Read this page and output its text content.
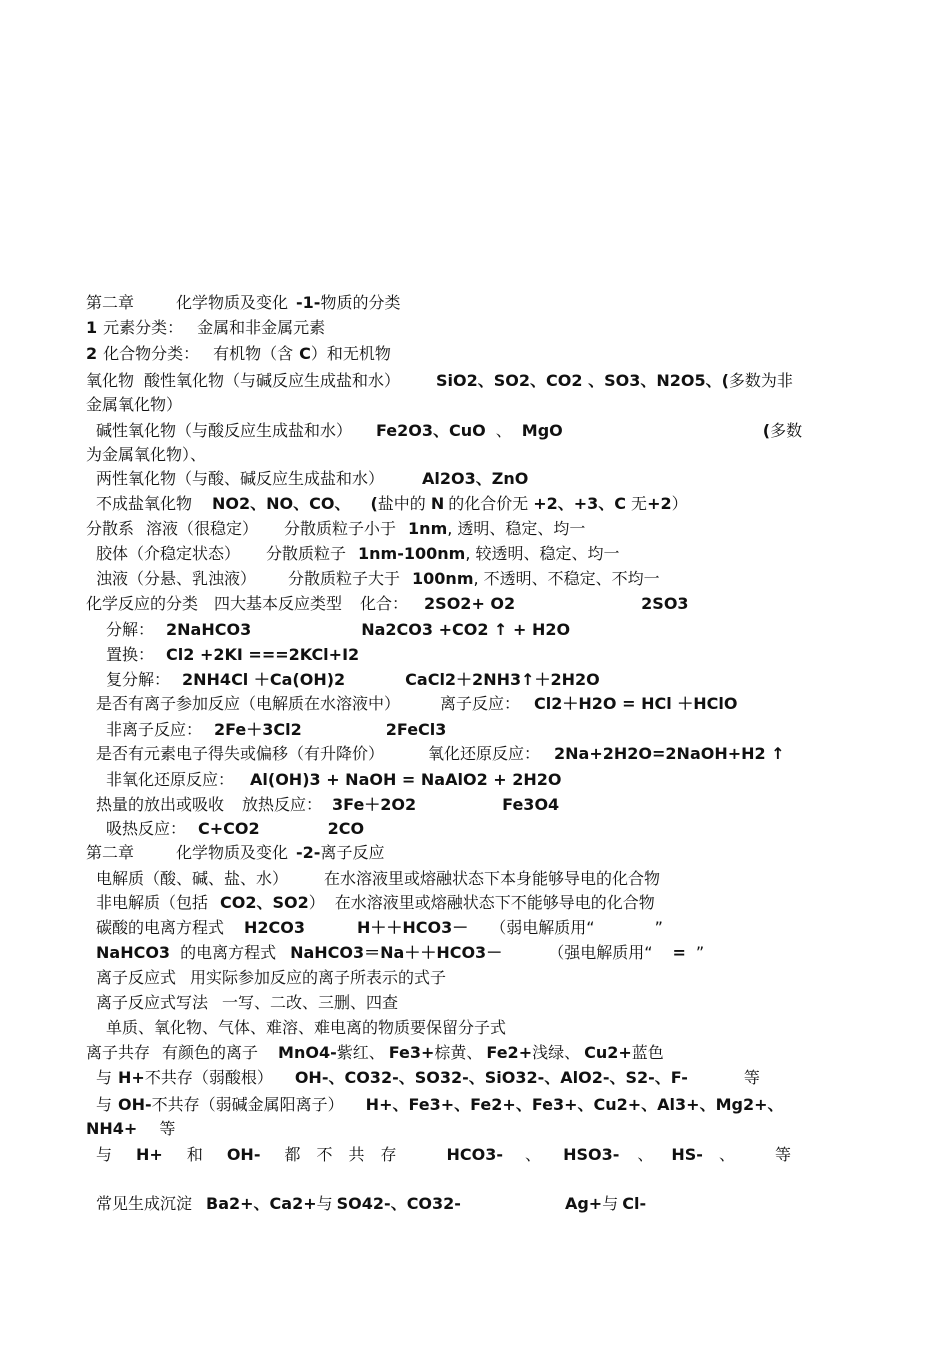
第二章	化学物质及变化 -1-物质的分类
1 元素分类： 金属和非金属元素
2 化合物分类： 有机物（含 C）和无机物
氧化物 酸性氧化物（与碱反应生成盐和水） SiO2、SO2、CO2 、SO3、N2O5、(多数为非金属氧化物）
碱性氧化物（与酸反应生成盐和水） Fe2O3、CuO 、 MgO	(多数为金属氧化物）、
两性氧化物（与酸、碱反应生成盐和水） Al2O3、ZnO
不成盐氧化物 NO2、NO、CO、 (盐中的 N 的化合价无 +2、+3、C 无+2）
分散系 溶液（很稳定） 分散质粒子小于 1nm, 透明、稳定、均一
胶体（介稳定状态） 分散质粒子 1nm-100nm, 较透明、稳定、均一
浊液（分悬、乳浊液） 分散质粒子大于 100nm, 不透明、不稳定、不均一
化学反应的分类 四大基本反应类型 化合： 2SO2+ O2	2SO3
分解： 2NaHCO3	Na2CO3 +CO2 ↑ + H2O
置换： Cl2 +2KI ===2KCl+I2
复分解： 2NH4Cl ＋Ca(OH)2	CaCl2＋2NH3↑＋2H2O
是否有离子参加反应（电解质在水溶液中）	离子反应： Cl2＋H2O = HCl ＋HClO
非离子反应： 2Fe＋3Cl2	2FeCl3
是否有元素电子得失或偏移（有升降价）	氧化还原反应： 2Na+2H2O=2NaOH+H2 ↑
非氧化还原反应： Al(OH)3 + NaOH = NaAlO2 + 2H2O
热量的放出或吸收 放热反应： 3Fe＋2O2	Fe3O4
吸热反应： C+CO2	2CO
第二章	化学物质及变化 -2-离子反应
电解质（酸、碱、盐、水） 在水溶液里或熔融状态下本身能够导电的化合物
非电解质（包括 CO2、SO2） 在水溶液里或熔融状态下不能够导电的化合物
碳酸的电离方程式 H2CO3	H＋＋HCO3－ （弱电解质用“	”
NaHCO3 的电离方程式 NaHCO3＝Na＋＋HCO3－	（强电解质用“ = ”
离子反应式 用实际参加反应的离子所表示的式子
离子反应式写法 一写、二改、三删、四查
单质、氧化物、气体、难溶、难电离的物质要保留分子式
离子共存 有颜色的离子 MnO4-紫红、 Fe3+棕黄、 Fe2+浅绿、 Cu2+蓝色
与 H+不共存（弱酸根） OH-、CO32-、SO32-、SiO32-、AlO2-、S2-、F-	等
与 OH-不共存（弱碱金属阳离子） H+、Fe3+、Fe2+、Fe3+、Cu2+、Al3+、Mg2+、NH4+ 等
与 H+ 和 OH- 都 不 共 存	HCO3- 、 HSO3- 、 HS- 、	等
常见生成沉淀 Ba2+、Ca2+与 SO42-、CO32-	Ag+与 Cl-
